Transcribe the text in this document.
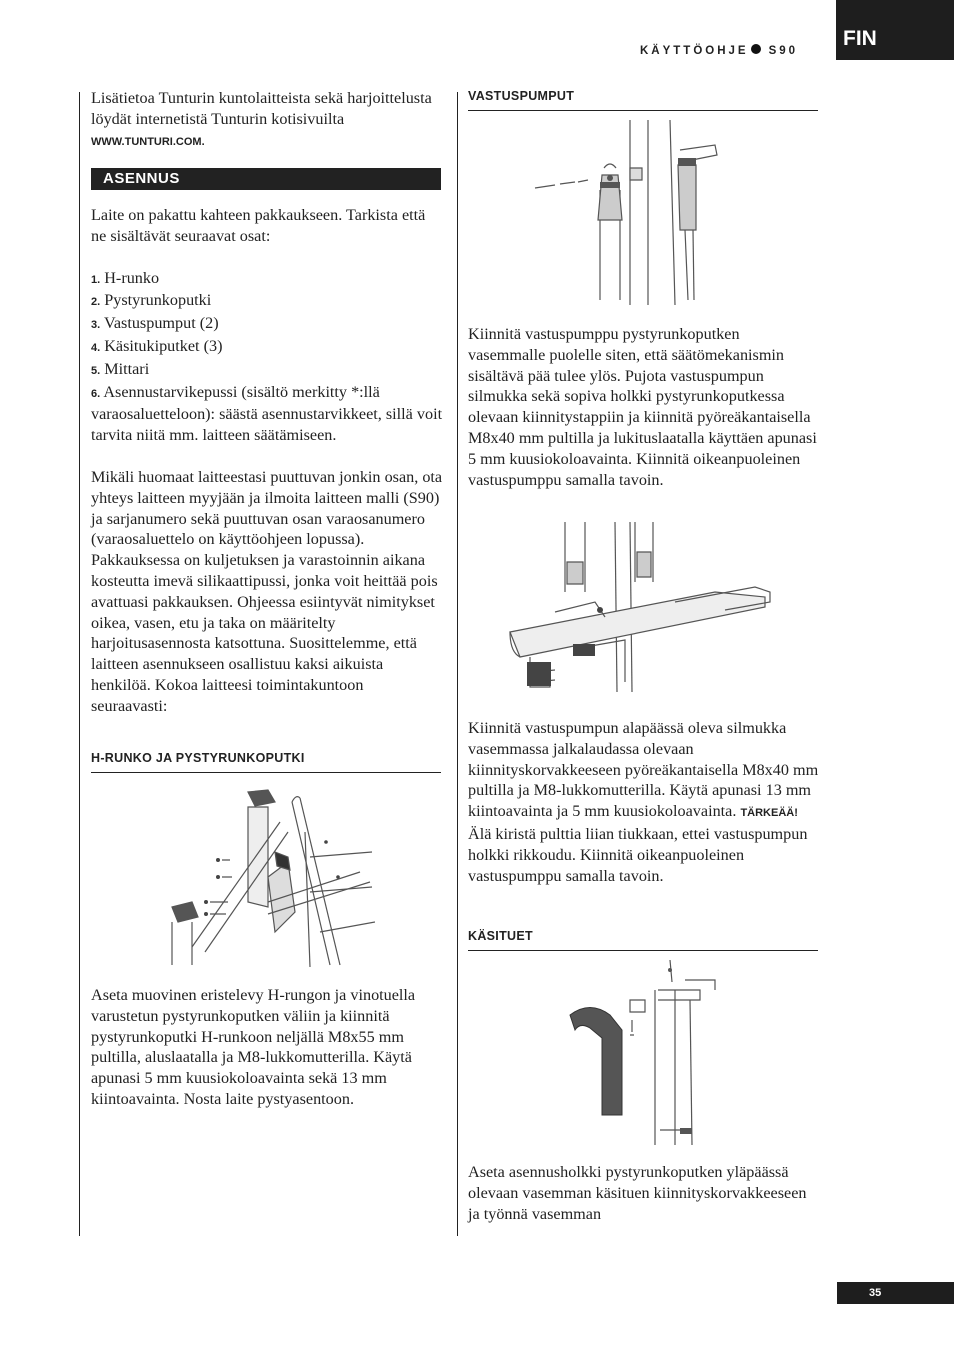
FIN
KÄYTTÖOHJE S90

Lisätietoa Tunturin kuntolaitteista sekä harjoittelusta löydät internetistä Tunturin kotisivuilta WWW.TUNTURI.COM.

ASENNUS

Laite on pakattu kahteen pakkaukseen. Tarkista että ne sisältävät seuraavat osat:

1. H-runko
2. Pystyrunkoputki
3. Vastuspumput (2)
4. Käsitukiputket (3)
5. Mittari
6. Asennustarvikepussi (sisältö merkitty *:llä varaosaluetteloon): säästä asennustarvikkeet, sillä voit tarvita niitä mm. laitteen säätämiseen.

Mikäli huomaat laitteestasi puuttuvan jonkin osan, ota yhteys laitteen myyjään ja ilmoita laitteen malli (S90) ja sarjanumero sekä puuttuvan osan varaosanumero (varaosaluettelo on käyttöohjeen lopussa). Pakkauksessa on kuljetuksen ja varastoinnin aikana kosteutta imevä silikaattipussi, jonka voit heittää pois avattuasi pakkauksen. Ohjeessa esiintyvät nimitykset oikea, vasen, etu ja taka on määritelty harjoitusasennosta katsottuna. Suosittelemme, että laitteen asennukseen osallistuu kaksi aikuista henkilöä. Kokoa laitteesi toimintakuntoon seuraavasti:

H-RUNKO JA PYSTYRUNKOPUTKI

Aseta muovinen eristelevy H-rungon ja vinotuella varustetun pystyrunkoputken väliin ja kiinnitä pystyrunkoputki H-runkoon neljällä M8x55 mm pultilla, aluslaatalla ja M8-lukkomutterilla. Käytä apunasi 5 mm kuusiokoloavainta sekä 13 mm kiintoavainta. Nosta laite pystyasentoon.

VASTUSPUMPUT

Kiinnitä vastuspumppu pystyrunkoputken vasemmalle puolelle siten, että säätömekanismin sisältävä pää tulee ylös. Pujota vastuspumpun silmukka sekä sopiva holkki pystyrunkoputkessa olevaan kiinnitystappiin ja kiinnitä pyöreäkantaisella M8x40 mm pultilla ja lukituslaatalla käyttäen apunasi 5 mm kuusiokoloavainta. Kiinnitä oikeanpuoleinen vastuspumppu samalla tavoin.

Kiinnitä vastuspumpun alapäässä oleva silmukka vasemmassa jalkalaudassa olevaan kiinnityskorvakkeeseen pyöreäkantaisella M8x40 mm pultilla ja M8-lukkomutterilla. Käytä apunasi 13 mm kiintoavainta ja 5 mm kuusiokoloavainta. TÄRKEÄÄ! Älä kiristä pulttia liian tiukkaan, ettei vastuspumpun holkki rikkoudu. Kiinnitä oikeanpuoleinen vastuspumppu samalla tavoin.

KÄSITUET

Aseta asennusholkki pystyrunkoputken yläpäässä olevaan vasemman käsituen kiinnityskorvakkeeseen ja työnnä vasemman

35
